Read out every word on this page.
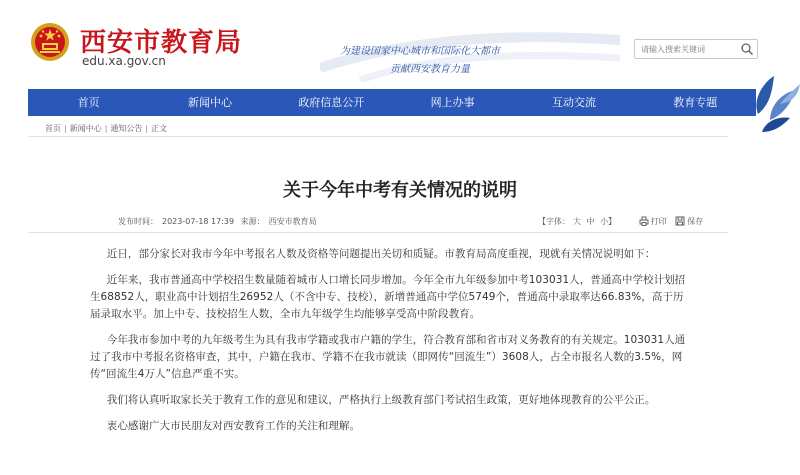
西安市教育局
edu.xa.gov.cn
为建设国家中心城市和国际化大都市
贡献西安教育力量
请输入搜索关键词
首页	新闻中心	政府信息公开	网上办事	互动交流	教育专题
首页 | 新闻中心 | 通知公告 | 正文
关于今年中考有关情况的说明
发布时间： 2023-07-18 17:39 来源： 西安市教育局	【字体： 大 中 小】	打印	保存

近日，部分家长对我市今年中考报名人数及资格等问题提出关切和质疑。市教育局高度重视，现就有关情况说明如下：

近年来，我市普通高中学校招生数量随着城市人口增长同步增加。今年全市九年级参加中考103031人，普通高中学校计划招生68852人，职业高中计划招生26952人（不含中专、技校），新增普通高中学位5749个，普通高中录取率达66.83%，高于历届录取水平。加上中专、技校招生人数，全市九年级学生均能够享受高中阶段教育。

今年我市参加中考的九年级考生为具有我市学籍或我市户籍的学生，符合教育部和省市对义务教育的有关规定。103031人通过了我市中考报名资格审查，其中，户籍在我市、学籍不在我市就读（即网传“回流生”）3608人，占全市报名人数的3.5%，网传“回流生4万人”信息严重不实。

我们将认真听取家长关于教育工作的意见和建议，严格执行上级教育部门考试招生政策，更好地体现教育的公平公正。

衷心感谢广大市民朋友对西安教育工作的关注和理解。
